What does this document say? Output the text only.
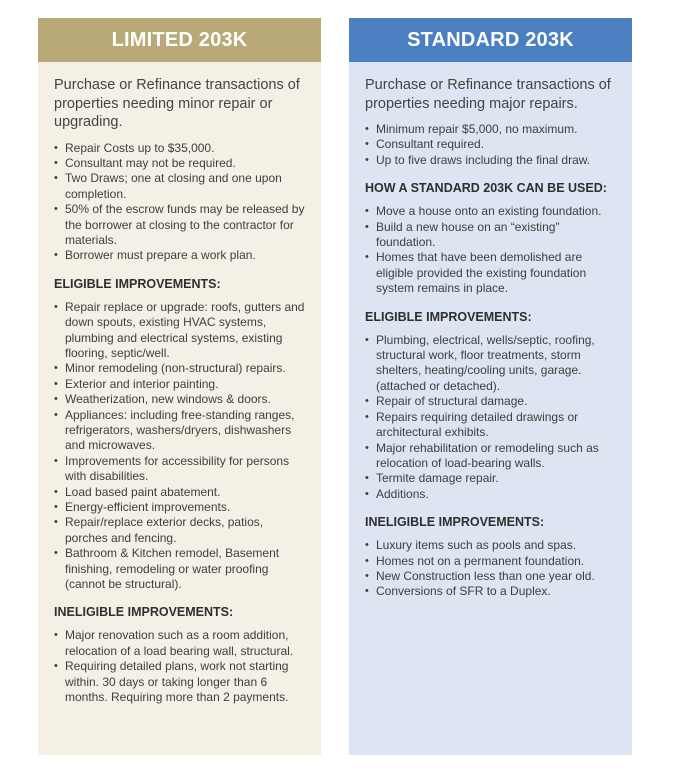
LIMITED 203K

Purchase or Refinance transactions of properties needing minor repair or upgrading.

• Repair Costs up to $35,000.
• Consultant may not be required.
• Two Draws; one at closing and one upon completion.
• 50% of the escrow funds may be released by the borrower at closing to the contractor for materials.
• Borrower must prepare a work plan.
ELIGIBLE IMPROVEMENTS:
• Repair replace or upgrade: roofs, gutters and down spouts, existing HVAC systems, plumbing and electrical systems, existing flooring, septic/well.
• Minor remodeling (non-structural) repairs.
• Exterior and interior painting.
• Weatherization, new windows & doors.
• Appliances: including free-standing ranges, refrigerators, washers/dryers, dishwashers and microwaves.
• Improvements for accessibility for persons with disabilities.
• Load based paint abatement.
• Energy-efficient improvements.
• Repair/replace exterior decks, patios, porches and fencing.
• Bathroom & Kitchen remodel, Basement finishing, remodeling or water proofing (cannot be structural).
INELIGIBLE IMPROVEMENTS:
• Major renovation such as a room addition, relocation of a load bearing wall, structural.
• Requiring detailed plans, work not starting within. 30 days or taking longer than 6 months. Requiring more than 2 payments.
STANDARD 203K

Purchase or Refinance transactions of properties needing major repairs.

• Minimum repair $5,000, no maximum.
• Consultant required.
• Up to five draws including the final draw.
HOW A STANDARD 203K CAN BE USED:
• Move a house onto an existing foundation.
• Build a new house on an “existing” foundation.
• Homes that have been demolished are eligible provided the existing foundation system remains in place.
ELIGIBLE IMPROVEMENTS:
• Plumbing, electrical, wells/septic, roofing, structural work, floor treatments, storm shelters, heating/cooling units, garage. (attached or detached).
• Repair of structural damage.
• Repairs requiring detailed drawings or architectural exhibits.
• Major rehabilitation or remodeling such as relocation of load-bearing walls.
• Termite damage repair.
• Additions.
INELIGIBLE IMPROVEMENTS:
• Luxury items such as pools and spas.
• Homes not on a permanent foundation.
• New Construction less than one year old.
• Conversions of SFR to a Duplex.
